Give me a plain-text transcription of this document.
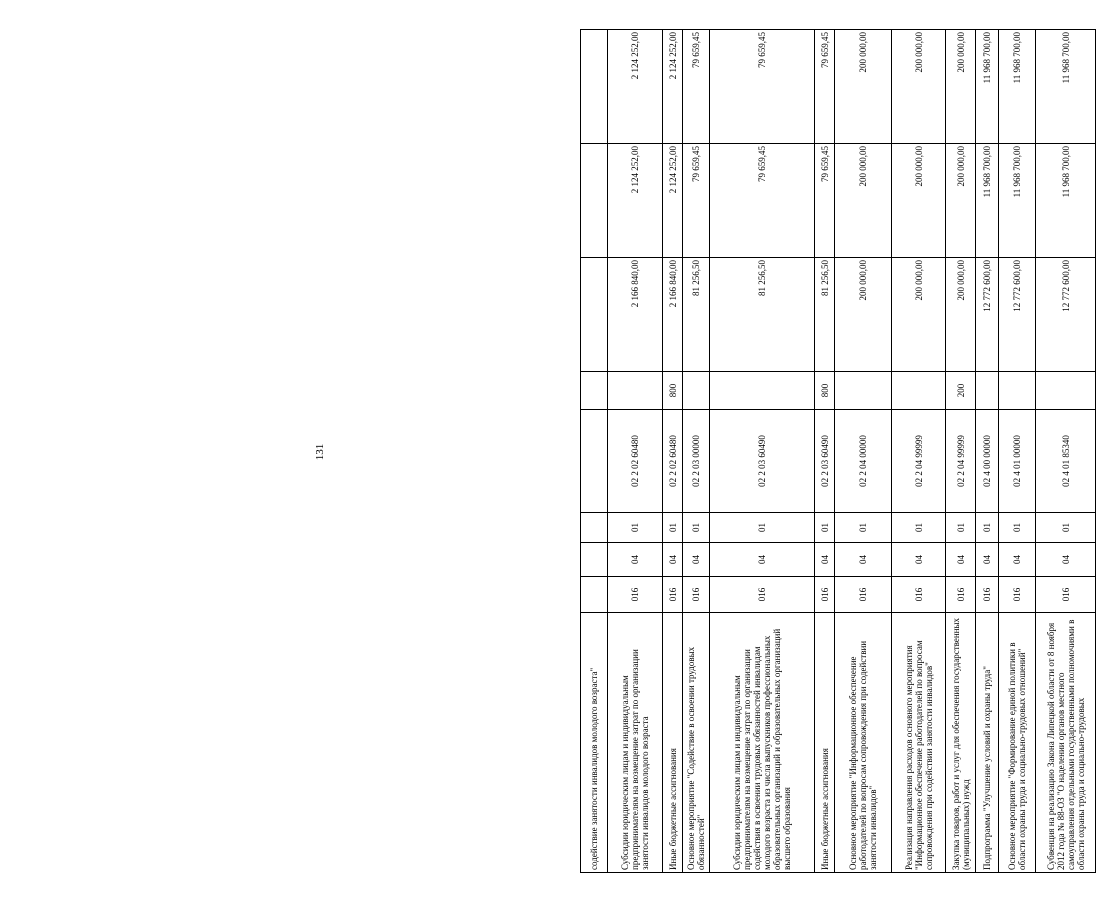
131
содействие занятости инвалидов молодого возраста"								
Субсидии юридическим лицам и индивидуальным предпринимателям на возмещение затрат по организации занятости инвалидов молодого возраста	016	04	01	02 2 02 60480		2 166 840,00	2 124 252,00	2 124 252,00
Иные бюджетные ассигнования	016	04	01	02 2 02 60480	800	2 166 840,00	2 124 252,00	2 124 252,00
Основное мероприятие "Содействие в освоении трудовых обязанностей"	016	04	01	02 2 03 00000		81 256,50	79 659,45	79 659,45
Субсидии юридическим лицам и индивидуальным предпринимателям на возмещение затрат по организации содействия в освоении трудовых обязанностей инвалидам молодого возраста из числа выпускников профессиональных образовательных организаций и образовательных организаций высшего образования	016	04	01	02 2 03 60490		81 256,50	79 659,45	79 659,45
Иные бюджетные ассигнования	016	04	01	02 2 03 60490	800	81 256,50	79 659,45	79 659,45
Основное мероприятие "Информационное обеспечение работодателей по вопросам сопровождения при содействии занятости инвалидов"	016	04	01	02 2 04 00000		200 000,00	200 000,00	200 000,00
Реализация направления расходов основного мероприятия "Информационное обеспечение работодателей по вопросам сопровождения при содействии занятости инвалидов"	016	04	01	02 2 04 99999		200 000,00	200 000,00	200 000,00
Закупка товаров, работ и услуг для обеспечения государственных (муниципальных) нужд	016	04	01	02 2 04 99999	200	200 000,00	200 000,00	200 000,00
Подпрограмма "Улучшение условий и охраны труда"	016	04	01	02 4 00 00000		12 772 600,00	11 968 700,00	11 968 700,00
Основное мероприятие "Формирование единой политики в области охраны труда и социально-трудовых отношений"	016	04	01	02 4 01 00000		12 772 600,00	11 968 700,00	11 968 700,00
Субвенция на реализацию Закона Липецкой области от 8 ноября 2012 года № 88-ОЗ "О наделении органов местного самоуправления отдельными государственными полномочиями в области охраны труда и социально-трудовых	016	04	01	02 4 01 85340		12 772 600,00	11 968 700,00	11 968 700,00
